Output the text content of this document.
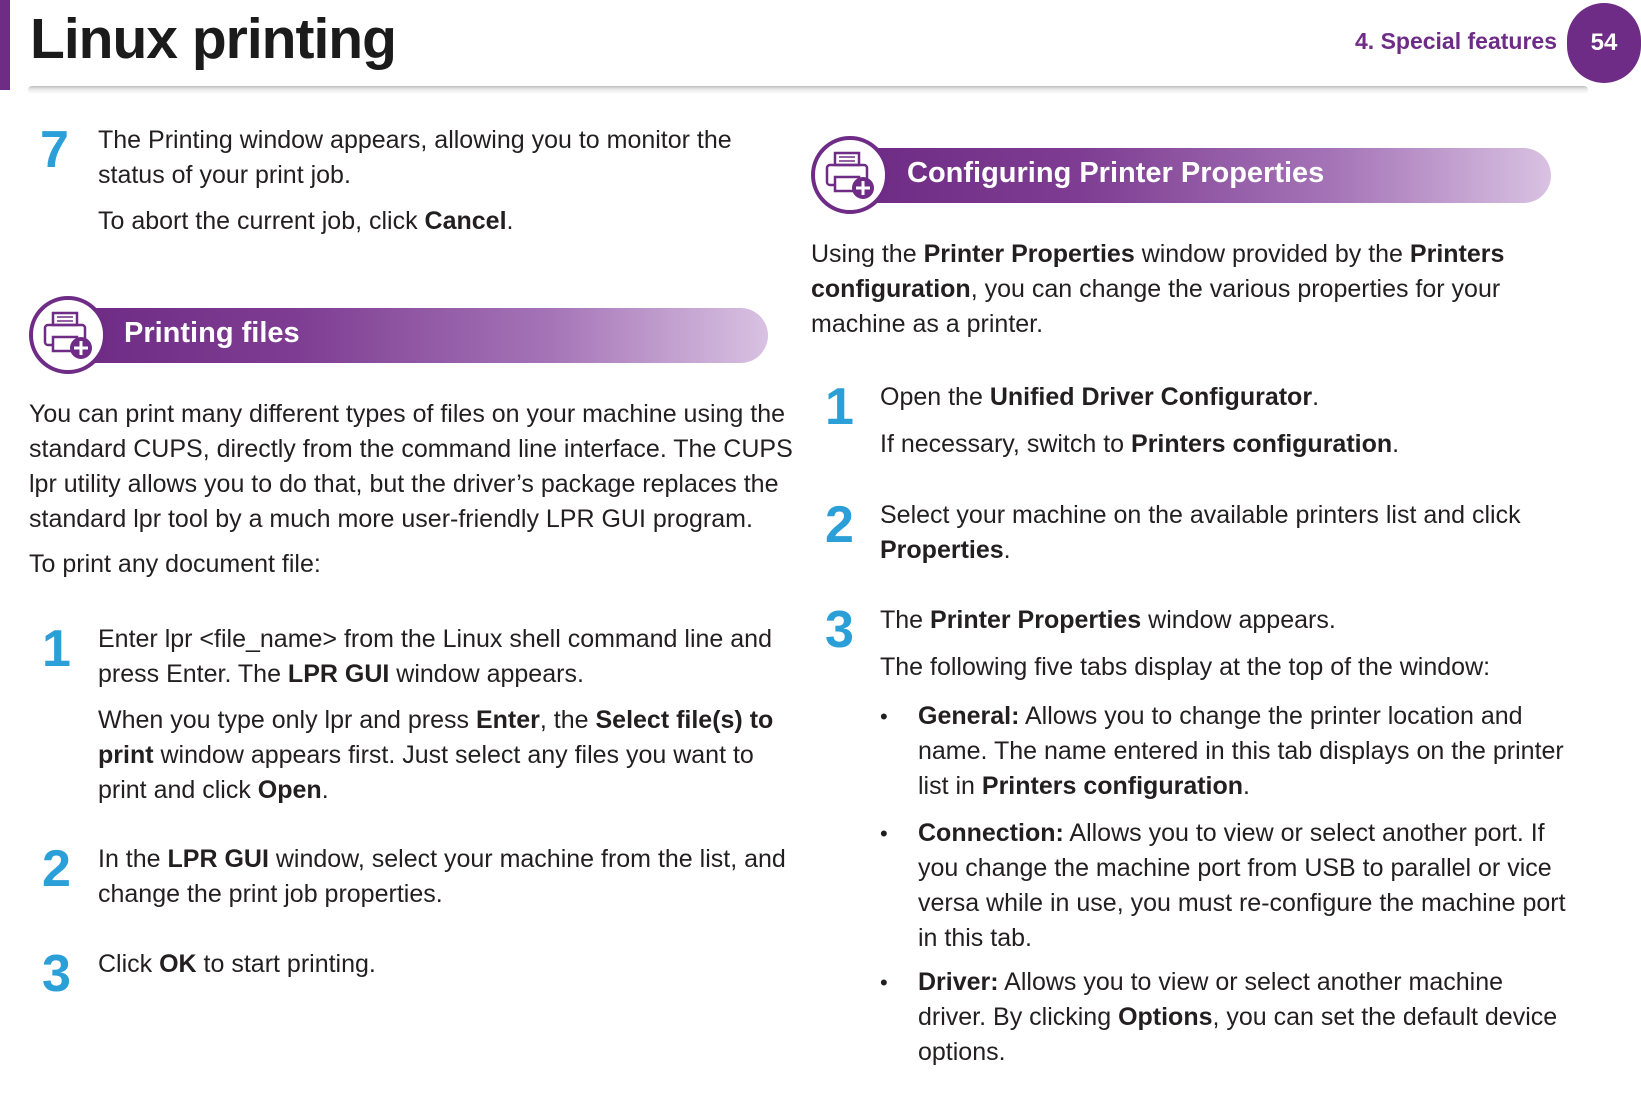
Linux printing	4. Special features	54
7 The Printing window appears, allowing you to monitor the
status of your print job.
To abort the current job, click Cancel.
Printing files
You can print many different types of files on your machine using the
standard CUPS, directly from the command line interface. The CUPS
lpr utility allows you to do that, but the driver’s package replaces the
standard lpr tool by a much more user-friendly LPR GUI program.
To print any document file:
1 Enter lpr <file_name> from the Linux shell command line and
press Enter. The LPR GUI window appears.
When you type only lpr and press Enter, the Select file(s) to
print window appears first. Just select any files you want to
print and click Open.
2 In the LPR GUI window, select your machine from the list, and
change the print job properties.
3 Click OK to start printing.
Configuring Printer Properties
Using the Printer Properties window provided by the Printers
configuration, you can change the various properties for your
machine as a printer.
1 Open the Unified Driver Configurator.
If necessary, switch to Printers configuration.
2 Select your machine on the available printers list and click
Properties.
3 The Printer Properties window appears.
The following five tabs display at the top of the window:
• General: Allows you to change the printer location and
name. The name entered in this tab displays on the printer
list in Printers configuration.
• Connection: Allows you to view or select another port. If
you change the machine port from USB to parallel or vice
versa while in use, you must re-configure the machine port
in this tab.
• Driver: Allows you to view or select another machine
driver. By clicking Options, you can set the default device
options.
